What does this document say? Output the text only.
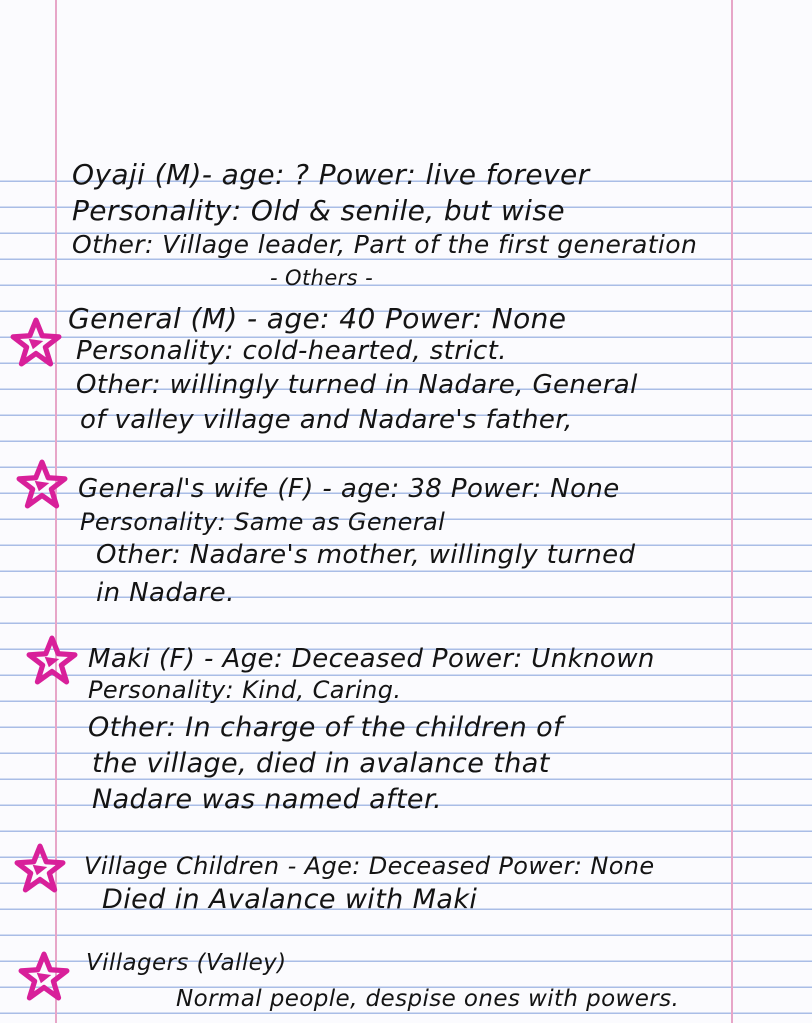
Oyaji (M)- age: ? Power: live forever
Personality: Old & senile, but wise
Other: Village leader, Part of the first generation
- Others -
General (M) - age: 40 Power: None
Personality: cold-hearted, strict.
Other: willingly turned in Nadare, General
of valley village and Nadare's father,
General's wife (F) - age: 38 Power: None
Personality: Same as General
Other: Nadare's mother, willingly turned
in Nadare.
Maki (F) - Age: Deceased Power: Unknown
Personality: Kind, Caring.
Other: In charge of the children of
the village, died in avalance that
Nadare was named after.
Village Children - Age: Deceased Power: None
Died in Avalance with Maki
Villagers (Valley)
Normal people, despise ones with powers.
